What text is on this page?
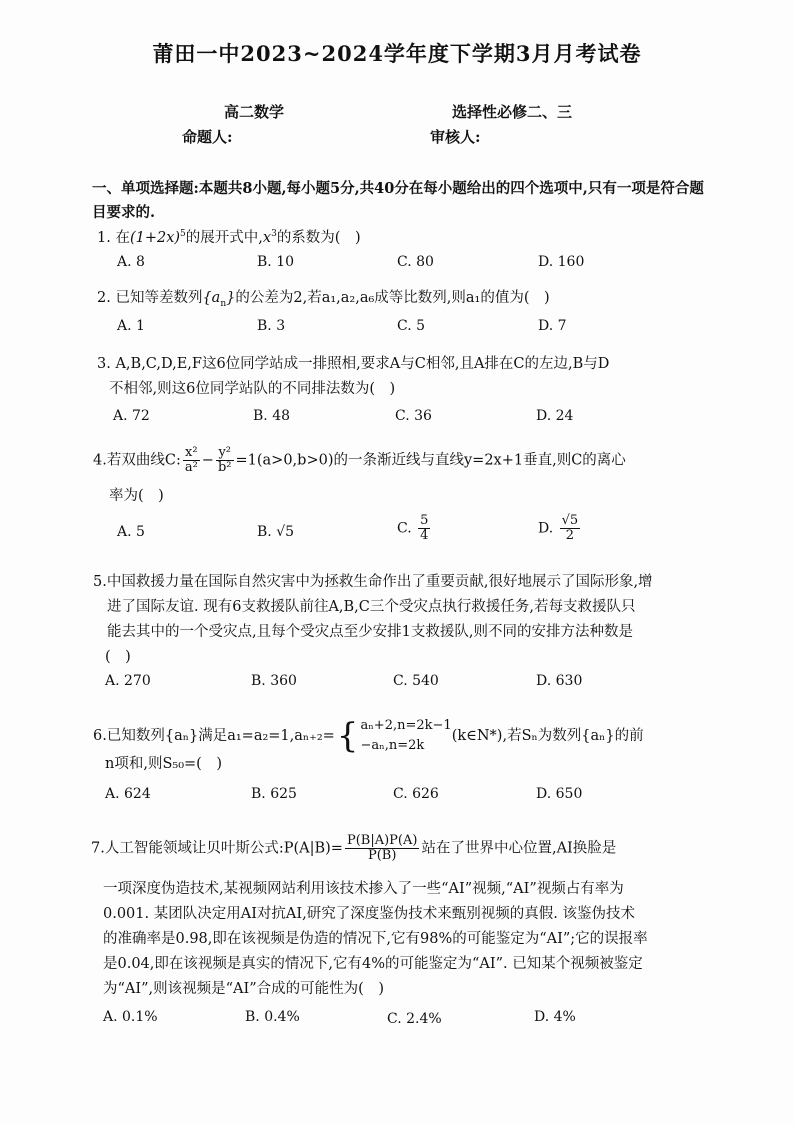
莆田一中2023~2024学年度下学期3月月考试卷
高二数学	选择性必修二、三
命题人:	审核人:
一、单项选择题:本题共8小题,每小题5分,共40分在每小题给出的四个选项中,只有一项是符合题目要求的.
1. 在$(1+2x)^5$的展开式中$,x^3$的系数为(　)
A. 8	B. 10	C. 80	D. 160
2. 已知等差数列$\{a_n\}$的公差为2,若a₁,a₂,a₆成等比数列,则a₁的值为(　)
A. 1	B. 3	C. 5	D. 7
3. A,B,C,D,E,F这6位同学站成一排照相,要求A与C相邻,且A排在C的左边,B与D
不相邻,则这6位同学站队的不同排法数为(　)
A. 72	B. 48	C. 36	D. 24
4.若双曲线C: $\frac{\text{x²}}{\text{a²}} - \frac{\text{y²}}{\text{b²}} =1(a>0,b>0)$的一条渐近线与直线y=2x+1垂直,则C的离心
率为(　)
A. 5	B. √5	C. $\frac{5}{4}$	D. $\frac{√5}{2}$
5.中国救援力量在国际自然灾害中为拯救生命作出了重要贡献,很好地展示了国际形象,增
进了国际友谊. 现有6支救援队前往A,B,C三个受灾点执行救援任务,若每支救援队只
能去其中的一个受灾点,且每个受灾点至少安排1支救援队,则不同的安排方法种数是
(　)
A. 270	B. 360	C. 540	D. 630
6.已知数列{aₙ}满足a₁=a₂=1,aₙ₊₂={ aₙ+2,n=2k−1
−aₙ,n=2k
(k∈N*),若Sₙ为数列{aₙ}的前
n项和,则S₅₀=(　)
A. 624	B. 625	C. 626	D. 650
7.人工智能领域让贝叶斯公式:P(A|B)= $\frac{P(B|A)P(A)}{P(B)}$ 站在了世界中心位置,AI换脸是
一项深度伪造技术,某视频网站利用该技术掺入了一些“AI”视频,“AI”视频占有率为
0.001. 某团队决定用AI对抗AI,研究了深度鉴伪技术来甄别视频的真假. 该鉴伪技术
的准确率是0.98,即在该视频是伪造的情况下,它有98%的可能鉴定为“AI”;它的误报率
是0.04,即在该视频是真实的情况下,它有4%的可能鉴定为“AI”. 已知某个视频被鉴定
为“AI”,则该视频是“AI”合成的可能性为(　)
A. 0.1%	B. 0.4%	C. 2.4%	D. 4%
